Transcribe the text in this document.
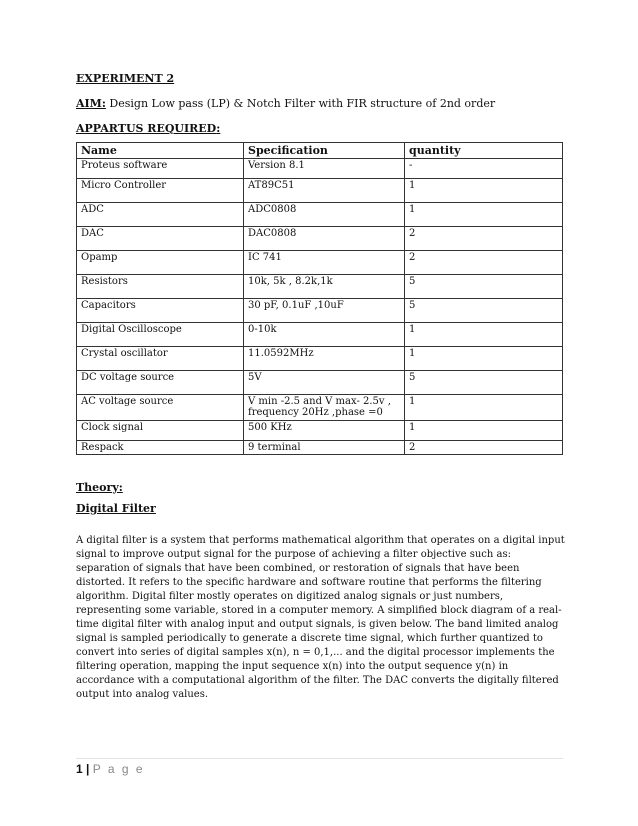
EXPERIMENT 2
AIM: Design Low pass (LP) & Notch Filter with FIR structure of 2nd order
APPARTUS REQUIRED:
Name	Specification	quantity
Proteus software	Version 8.1	-
Micro Controller	AT89C51	1
ADC	ADC0808	1
DAC	DAC0808	2
Opamp	IC 741	2
Resistors	10k, 5k , 8.2k,1k	5
Capacitors	30 pF, 0.1uF ,10uF	5
Digital Oscilloscope	0-10k	1
Crystal oscillator	11.0592MHz	1
DC voltage source	5V	5
AC voltage source	V min -2.5 and V max- 2.5v , frequency 20Hz ,phase =0	1
Clock signal	500 KHz	1
Respack	9 terminal	2
Theory:
Digital Filter
A digital filter is a system that performs mathematical algorithm that operates on a digital input signal to improve output signal for the purpose of achieving a filter objective such as: separation of signals that have been combined, or restoration of signals that have been distorted. It refers to the specific hardware and software routine that performs the filtering algorithm. Digital filter mostly operates on digitized analog signals or just numbers, representing some variable, stored in a computer memory. A simplified block diagram of a real-time digital filter with analog input and output signals, is given below. The band limited analog signal is sampled periodically to generate a discrete time signal, which further quantized to convert into series of digital samples x(n), n = 0,1,... and the digital processor implements the filtering operation, mapping the input sequence x(n) into the output sequence y(n) in accordance with a computational algorithm of the filter. The DAC converts the digitally filtered output into analog values.
1 | P a g e
